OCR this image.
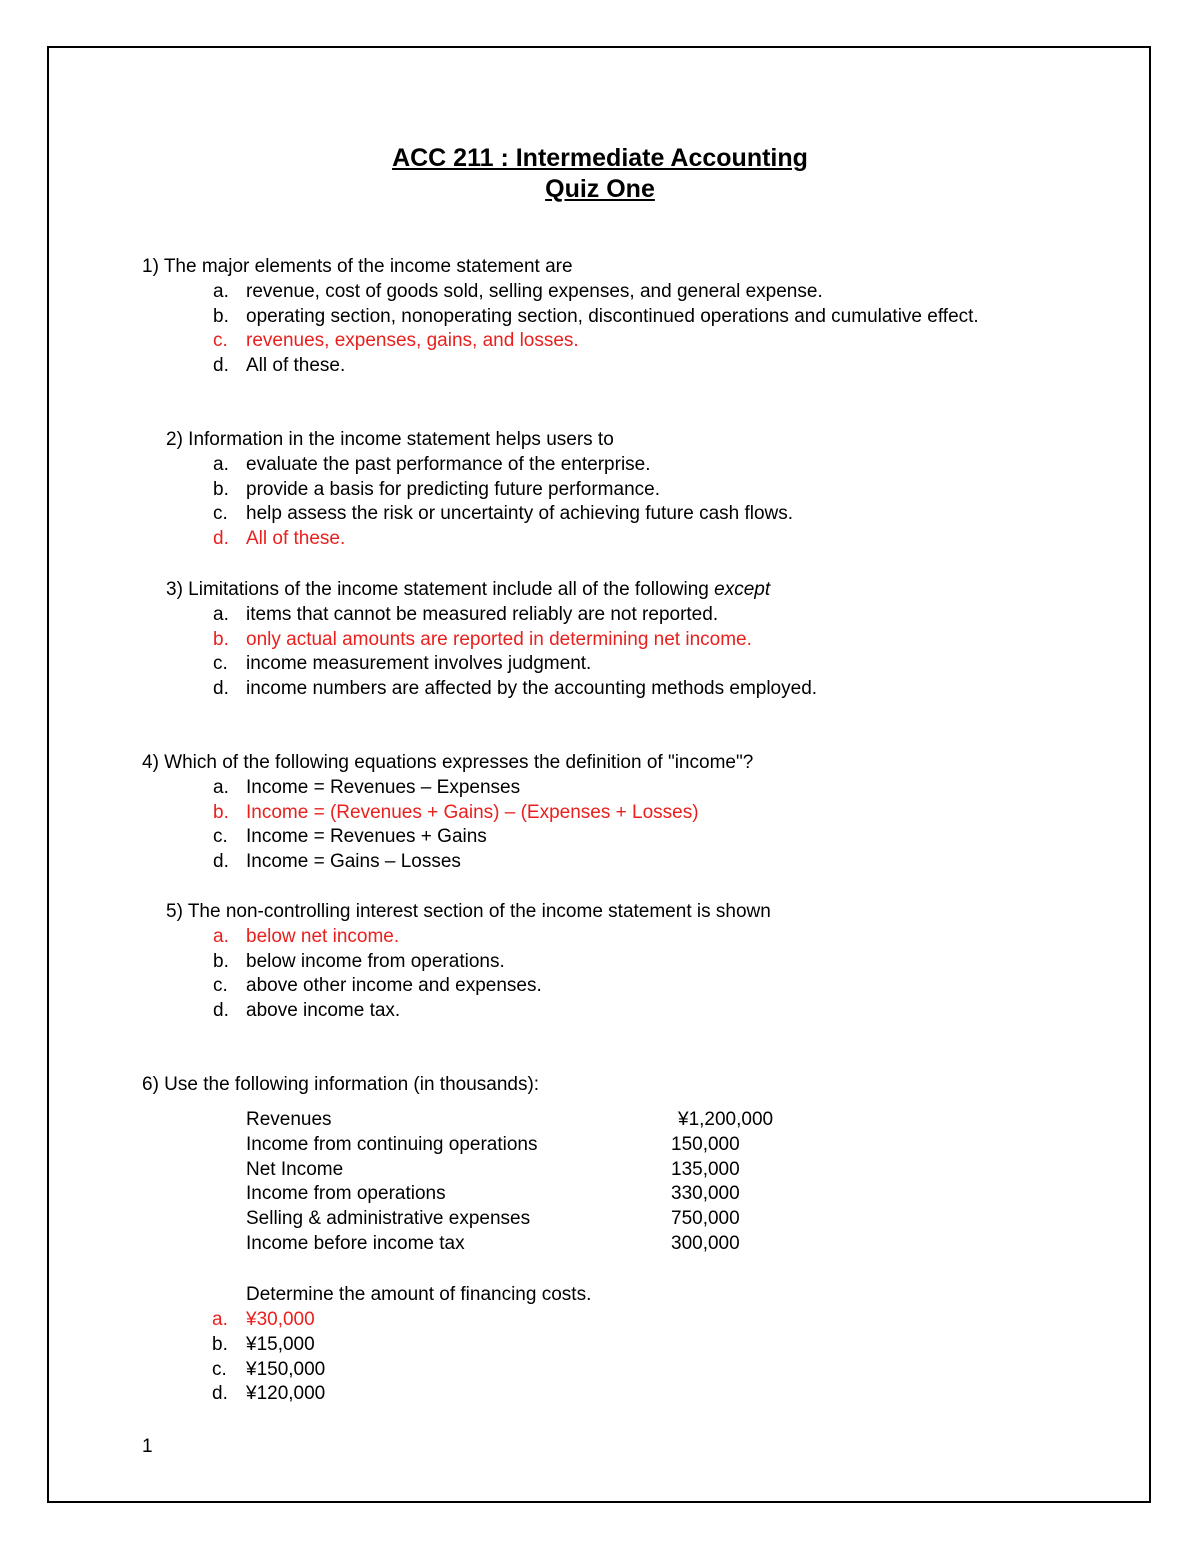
ACC 211 : Intermediate Accounting

Quiz One

1) The major elements of the income statement are
a. revenue, cost of goods sold, selling expenses, and general expense.
b. operating section, nonoperating section, discontinued operations and cumulative effect.
c. revenues, expenses, gains, and losses.
d. All of these.
2) Information in the income statement helps users to
a. evaluate the past performance of the enterprise.
b. provide a basis for predicting future performance.
c. help assess the risk or uncertainty of achieving future cash flows.
d. All of these.
3) Limitations of the income statement include all of the following except
a. items that cannot be measured reliably are not reported.
b. only actual amounts are reported in determining net income.
c. income measurement involves judgment.
d. income numbers are affected by the accounting methods employed.
4) Which of the following equations expresses the definition of "income"?
a. Income = Revenues – Expenses
b. Income = (Revenues + Gains) – (Expenses + Losses)
c. Income = Revenues + Gains
d. Income = Gains – Losses
5) The non-controlling interest section of the income statement is shown
a. below net income.
b. below income from operations.
c. above other income and expenses.
d. above income tax.
6) Use the following information (in thousands):
Revenues	¥1,200,000
Income from continuing operations	150,000
Net Income	135,000
Income from operations	330,000
Selling & administrative expenses	750,000
Income before income tax	300,000
Determine the amount of financing costs.
a. ¥30,000
b. ¥15,000
c. ¥150,000
d. ¥120,000
1
